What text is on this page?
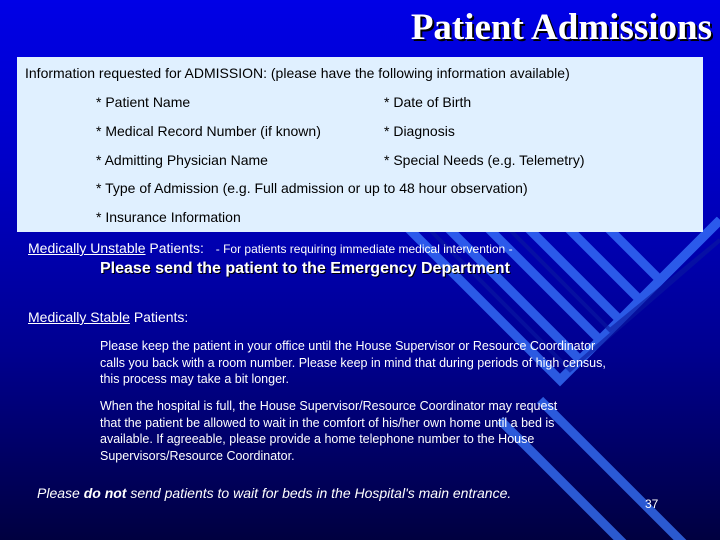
Patient Admissions
Information requested for ADMISSION: (please have the following information available)
* Patient Name	* Date of Birth
* Medical Record Number (if known)	* Diagnosis
* Admitting Physician Name	* Special Needs (e.g. Telemetry)
* Type of Admission (e.g. Full admission or up to 48 hour observation)
* Insurance Information
Medically Unstable Patients: - For patients requiring immediate medical intervention -
Please send the patient to the Emergency Department
Medically Stable Patients:
Please keep the patient in your office until the House Supervisor or Resource Coordinator
calls you back with a room number. Please keep in mind that during periods of high census,
this process may take a bit longer.
When the hospital is full, the House Supervisor/Resource Coordinator may request
that the patient be allowed to wait in the comfort of his/her own home until a bed is
available. If agreeable, please provide a home telephone number to the House
Supervisors/Resource Coordinator.
Please do not send patients to wait for beds in the Hospital's main entrance.
37
